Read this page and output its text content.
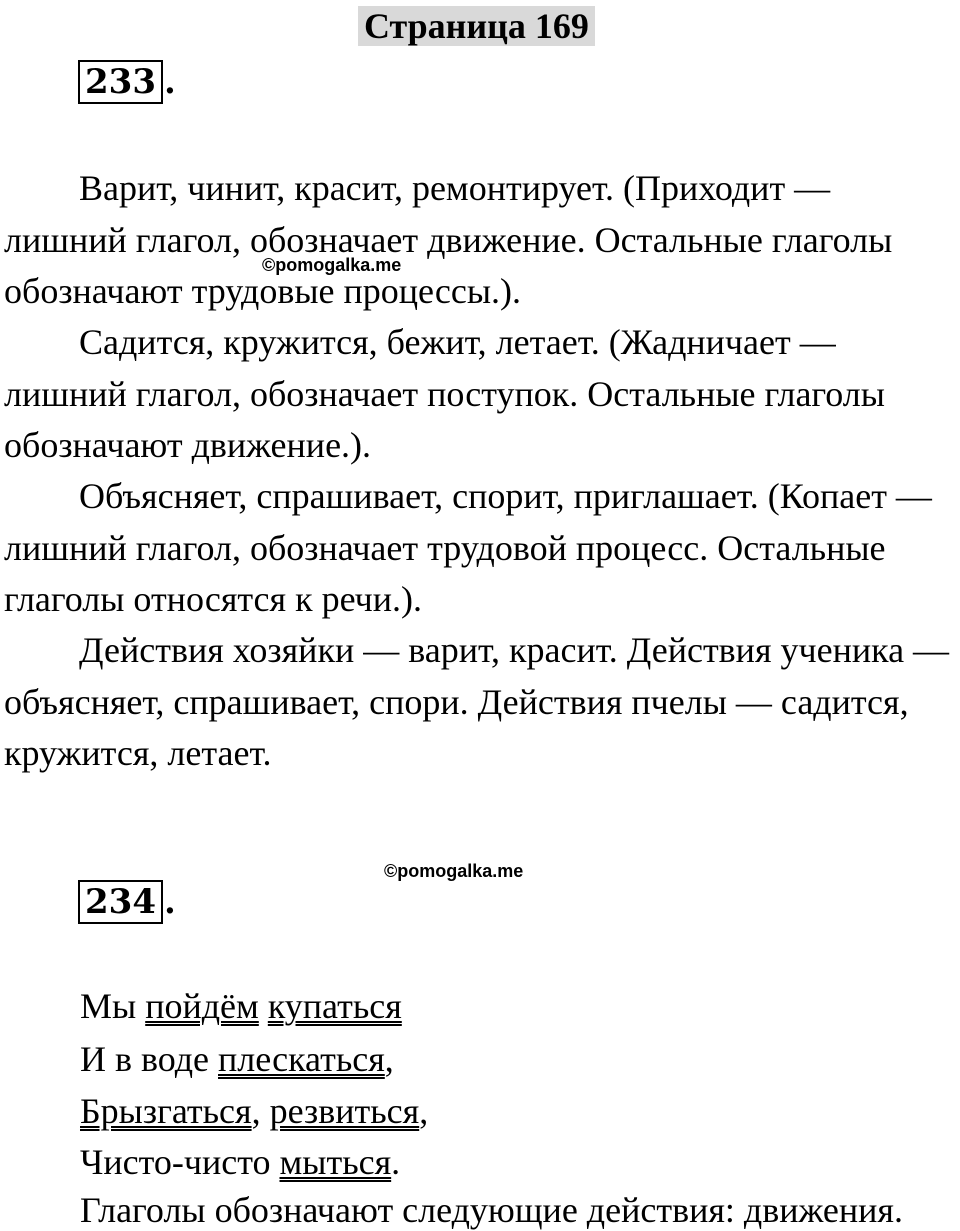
Страница 169
233 .

Варит, чинит, красит, ремонтирует. (Приходит — лишний глагол, обозначает движение. Остальные глаголы обозначают трудовые процессы.).

Садится, кружится, бежит, летает. (Жадничает — лишний глагол, обозначает поступок. Остальные глаголы обозначают движение.).

Объясняет, спрашивает, спорит, приглашает. (Копает — лишний глагол, обозначает трудовой процесс. Остальные глаголы относятся к речи.).

Действия хозяйки — варит, красит. Действия ученика — объясняет, спрашивает, спори. Действия пчелы — садится, кружится, летает.

©pomogalka.me
©pomogalka.me
234 .
Мы пойдём купаться
И в воде плескаться,
Брызгаться, резвиться,
Чисто-чисто мыться.
Глаголы обозначают следующие действия: движения.
